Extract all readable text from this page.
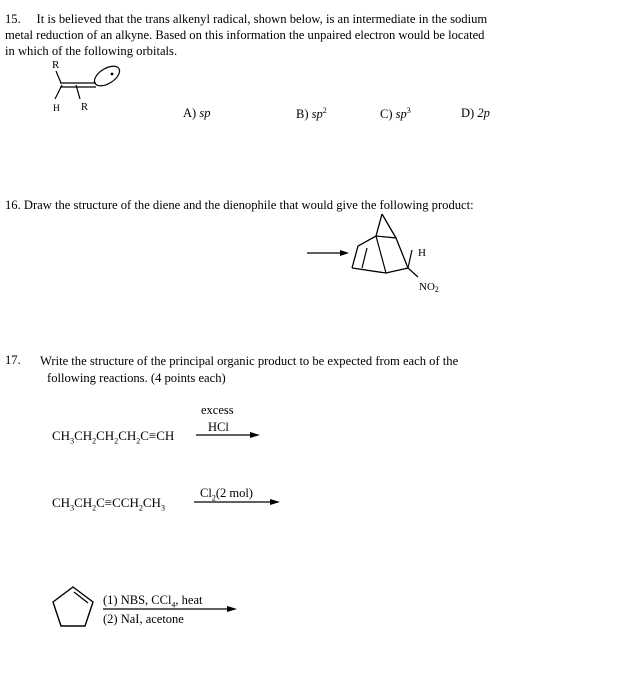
15. It is believed that the trans alkenyl radical, shown below, is an intermediate in the sodium
metal reduction of an alkyne. Based on this information the unpaired electron would be located
in which of the following orbitals.
R
H R	A) sp	B) $sp^2$	C) $sp^3$	D) 2p
16. Draw the structure of the diene and the dienophile that would give the following product:
H
NO2
17. Write the structure of the principal organic product to be expected from each of the
following reactions. (4 points each)
excess
HCl
$CH_3CH_2CH_2CH_2C\equiv CH$
$Cl_2(2$ mol)
$CH_3CH_2C\equiv CCH_2CH_3$
(1) NBS, CCl$_4$, heat
(2) NaI, acetone
